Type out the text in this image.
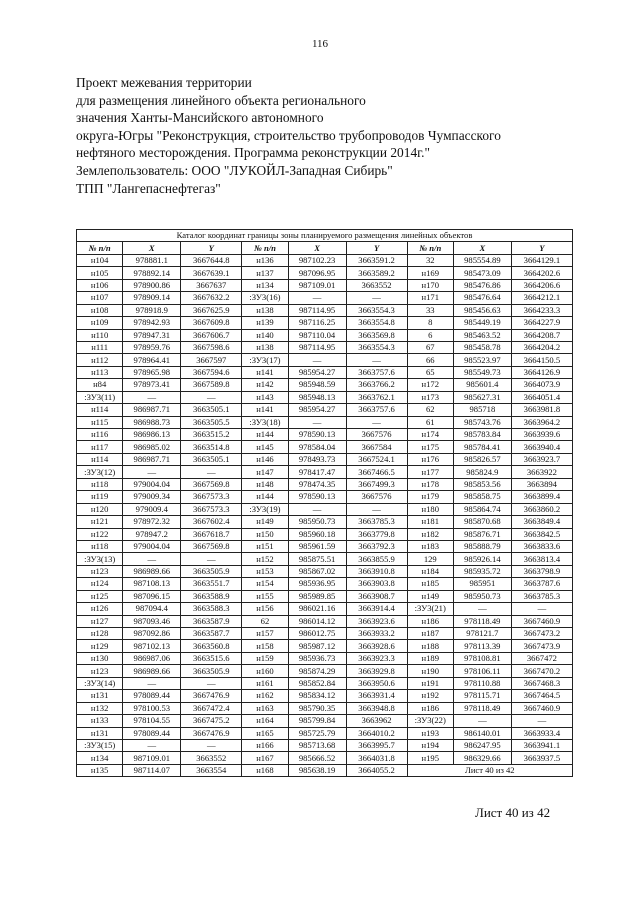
116
Проект межевания территории
для размещения линейного объекта регионального
значения Ханты-Мансийского автономного
округа-Югры "Реконструкция, строительство трубопроводов Чумпасского
нефтяного месторождения. Программа реконструкции 2014г."
Землепользователь: ООО "ЛУКОЙЛ-Западная Сибирь"
ТПП "Лангепаснефтегаз"
Каталог координат границы зоны планируемого размещения линейных объектов								
№ п/п	X	Y	№ п/п	X	Y	№ п/п	X	Y
н104	978881.1	3667644.8	н136	987102.23	3663591.2	32	985554.89	3664129.1
н105	978892.14	3667639.1	н137	987096.95	3663589.2	н169	985473.09	3664202.6
н106	978900.86	3667637	н134	987109.01	3663552	н170	985476.86	3664206.6
н107	978909.14	3667632.2	:ЗУ3(16)	—	—	н171	985476.64	3664212.1
н108	978918.9	3667625.9	н138	987114.95	3663554.3	33	985456.63	3664233.3
н109	978942.93	3667609.8	н139	987116.25	3663554.8	8	985449.19	3664227.9
н110	978947.31	3667606.7	н140	987110.04	3663569.8	6	985463.52	3664208.7
н111	978959.76	3667598.6	н138	987114.95	3663554.3	67	985458.78	3664204.2
н112	978964.41	3667597	:ЗУ3(17)	—	—	66	985523.97	3664150.5
н113	978965.98	3667594.6	н141	985954.27	3663757.6	65	985549.73	3664126.9
н84	978973.41	3667589.8	н142	985948.59	3663766.2	н172	985601.4	3664073.9
:ЗУ3(11)	—	—	н143	985948.13	3663762.1	н173	985627.31	3664051.4
н114	986987.71	3663505.1	н141	985954.27	3663757.6	62	985718	3663981.8
н115	986988.73	3663505.5	:ЗУ3(18)	—	—	61	985743.76	3663964.2
н116	986986.13	3663515.2	н144	978590.13	3667576	н174	985783.84	3663939.6
н117	986985.02	3663514.8	н145	978584.04	3667584	н175	985784.41	3663940.4
н114	986987.71	3663505.1	н146	978493.73	3667524.1	н176	985826.57	3663923.7
:ЗУ3(12)	—	—	н147	978417.47	3667466.5	н177	985824.9	3663922
н118	979004.04	3667569.8	н148	978474.35	3667499.3	н178	985853.56	3663894
н119	979009.34	3667573.3	н144	978590.13	3667576	н179	985858.75	3663899.4
н120	979009.4	3667573.3	:ЗУ3(19)	—	—	н180	985864.74	3663860.2
н121	978972.32	3667602.4	н149	985950.73	3663785.3	н181	985870.68	3663849.4
н122	978947.2	3667618.7	н150	985960.18	3663779.8	н182	985876.71	3663842.5
н118	979004.04	3667569.8	н151	985961.59	3663792.3	н183	985888.79	3663833.6
:ЗУ3(13)	—	—	н152	985875.51	3663855.9	129	985926.14	3663813.4
н123	986989.66	3663505.9	н153	985867.02	3663910.8	н184	985935.72	3663798.9
н124	987108.13	3663551.7	н154	985936.95	3663903.8	н185	985951	3663787.6
н125	987096.15	3663588.9	н155	985989.85	3663908.7	н149	985950.73	3663785.3
н126	987094.4	3663588.3	н156	986021.16	3663914.4	:ЗУ3(21)	—	—
н127	987093.46	3663587.9	62	986014.12	3663923.6	н186	978118.49	3667460.9
н128	987092.86	3663587.7	н157	986012.75	3663933.2	н187	978121.7	3667473.2
н129	987102.13	3663560.8	н158	985987.12	3663928.6	н188	978113.39	3667473.9
н130	986987.06	3663515.6	н159	985936.73	3663923.3	н189	978108.81	3667472
н123	986989.66	3663505.9	н160	985874.29	3663929.8	н190	978106.11	3667470.2
:ЗУ3(14)	—	—	н161	985852.84	3663950.6	н191	978110.88	3667468.3
н131	978089.44	3667476.9	н162	985834.12	3663931.4	н192	978115.71	3667464.5
н132	978100.53	3667472.4	н163	985790.35	3663948.8	н186	978118.49	3667460.9
н133	978104.55	3667475.2	н164	985799.84	3663962	:ЗУ3(22)	—	—
н131	978089.44	3667476.9	н165	985725.79	3664010.2	н193	986140.01	3663933.4
:ЗУ3(15)	—	—	н166	985713.68	3663995.7	н194	986247.95	3663941.1
н134	987109.01	3663552	н167	985666.52	3664031.8	н195	986329.66	3663937.5
н135	987114.07	3663554	н168	985638.19	3664055.2	Лист 40 из 42		
Лист 40 из 42
